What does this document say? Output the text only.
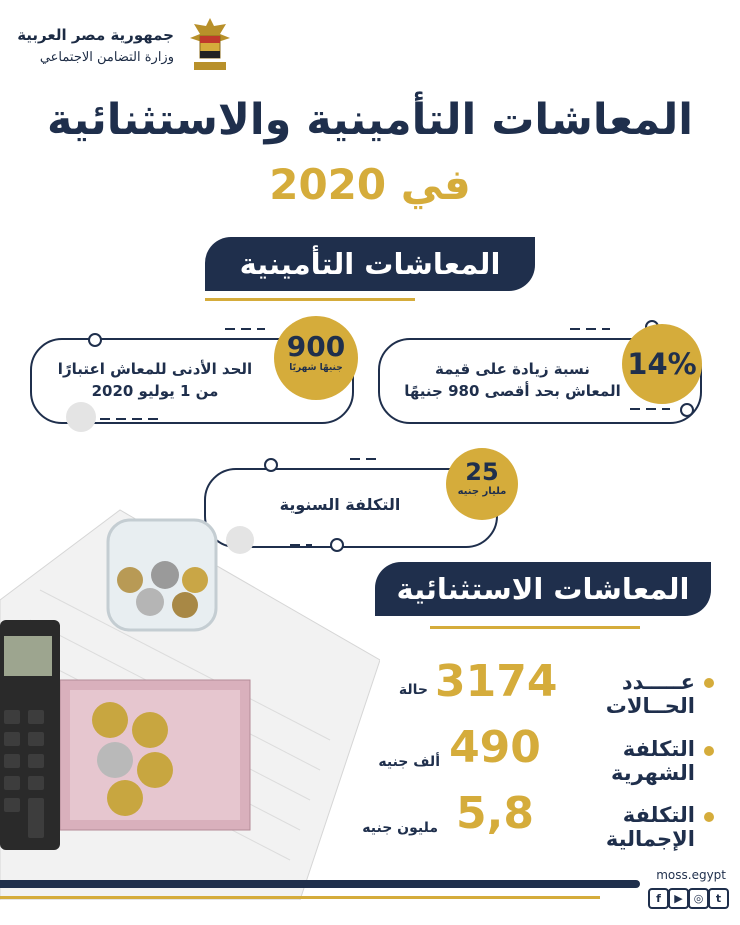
جمهورية مصر العربية
وزارة التضامن الاجتماعي
المعاشات التأمينية والاستثنائية
في 2020
المعاشات التأمينية
14%
نسبة زيادة على قيمة
المعاش بحد أقصى 980 جنيهًا
900
جنيهًا شهريًا
الحد الأدنى للمعاش اعتبارًا
من 1 يوليو 2020
25
مليار جنيه
التكلفة السنوية
المعاشات الاستثنائية
عـــــدد الحــالات
3174
حالة
التكلفة الشهرية
490
ألف جنيه
التكلفة الإجمالية
5,8
مليون جنيه
moss.egypt
f	▶ ◎	t
